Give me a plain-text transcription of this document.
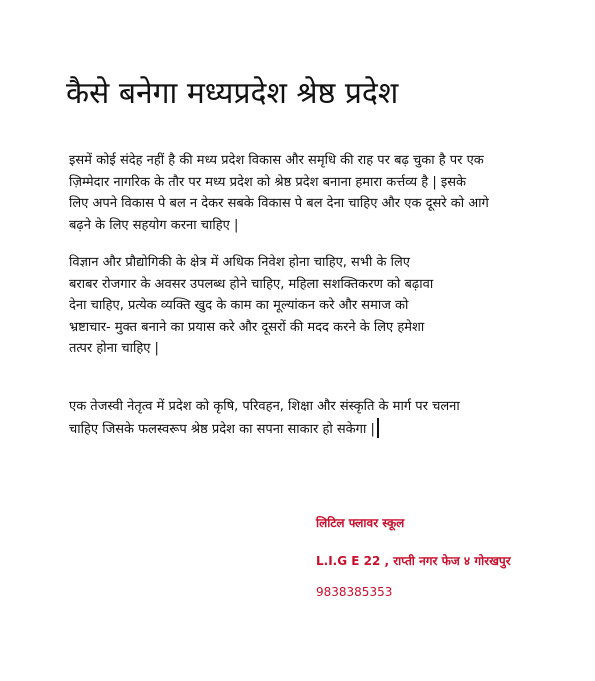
कैसे बनेगा मध्यप्रदेश श्रेष्ठ प्रदेश

इसमें कोई संदेह नहीं है की मध्य प्रदेश विकास और समृधि की राह पर बढ़ चुका है पर एक
ज़िम्मेदार नागरिक के तौर पर मध्य प्रदेश को श्रेष्ठ प्रदेश बनाना हमारा कर्त्तव्य है | इसके
लिए अपने विकास पे बल न देकर सबके विकास पे बल देना चाहिए और एक दूसरे को आगे
बढ़ने के लिए सहयोग करना चाहिए |

विज्ञान और प्रौद्योगिकी के क्षेत्र में अधिक निवेश होना चाहिए, सभी के लिए
बराबर रोजगार के अवसर उपलब्ध होने चाहिए, महिला सशक्तिकरण को बढ़ावा
देना चाहिए, प्रत्येक व्यक्ति खुद के काम का मूल्यांकन करे और समाज को
भ्रष्टाचार- मुक्त बनाने का प्रयास करे और दूसरों की मदद करने के लिए हमेशा
तत्पर होना चाहिए |

एक तेजस्वी नेतृत्व में प्रदेश को कृषि, परिवहन, शिक्षा और संस्कृति के मार्ग पर चलना
चाहिए जिसके फलस्वरूप श्रेष्ठ प्रदेश का सपना साकार हो सकेगा |

लिटिल फ्लावर स्कूल

L.I.G E 22 , राप्ती नगर फेज ४ गोरखपुर

9838385353
